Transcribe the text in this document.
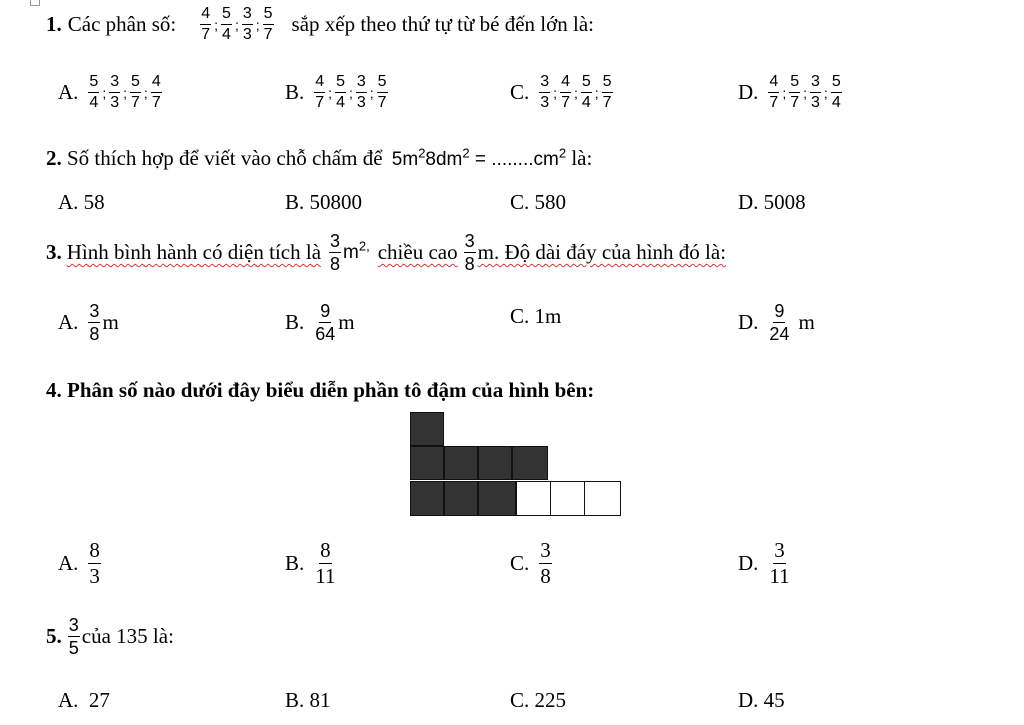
1. Các phân số: $\frac{4}{7}$ ; $\frac{5}{4}$ ; $\frac{3}{3}$ ; $\frac{5}{7}$ sắp xếp theo thứ tự từ bé đến lớn là:
A. $\frac{5}{4}$ ; $\frac{3}{3}$ ; $\frac{5}{7}$ ; $\frac{4}{7}$	B. $\frac{4}{7}$ ; $\frac{5}{4}$ ; $\frac{3}{3}$ ; $\frac{5}{7}$	C. $\frac{3}{3}$ ; $\frac{4}{7}$ ; $\frac{5}{4}$ ; $\frac{5}{7}$	D. $\frac{4}{7}$ ; $\frac{5}{7}$ ; $\frac{3}{3}$ ; $\frac{5}{4}$
2. Số thích hợp để viết vào chỗ chấm để $5m^28dm^2 = ........cm^2$ là:
A. 58	B. 50800	C. 580	D. 5008
3. Hình bình hành có diện tích là $\frac{3}{8} m^{2,}$ chiều cao $\frac{3}{8} m$. Độ dài đáy của hình đó là:
A. $\frac{3}{8}$ m	B. $\frac{9}{64}$ m	C. 1m	D. $\frac{9}{24}$ m
4. Phân số nào dưới đây biểu diễn phần tô đậm của hình bên:
A. $\frac{8}{3}$	B. $\frac{8}{11}$	C. $\frac{3}{8}$	D. $\frac{3}{11}$
5. $\frac{3}{5}$ của 135 là:
A. 27	B. 81	C. 225	D. 45
